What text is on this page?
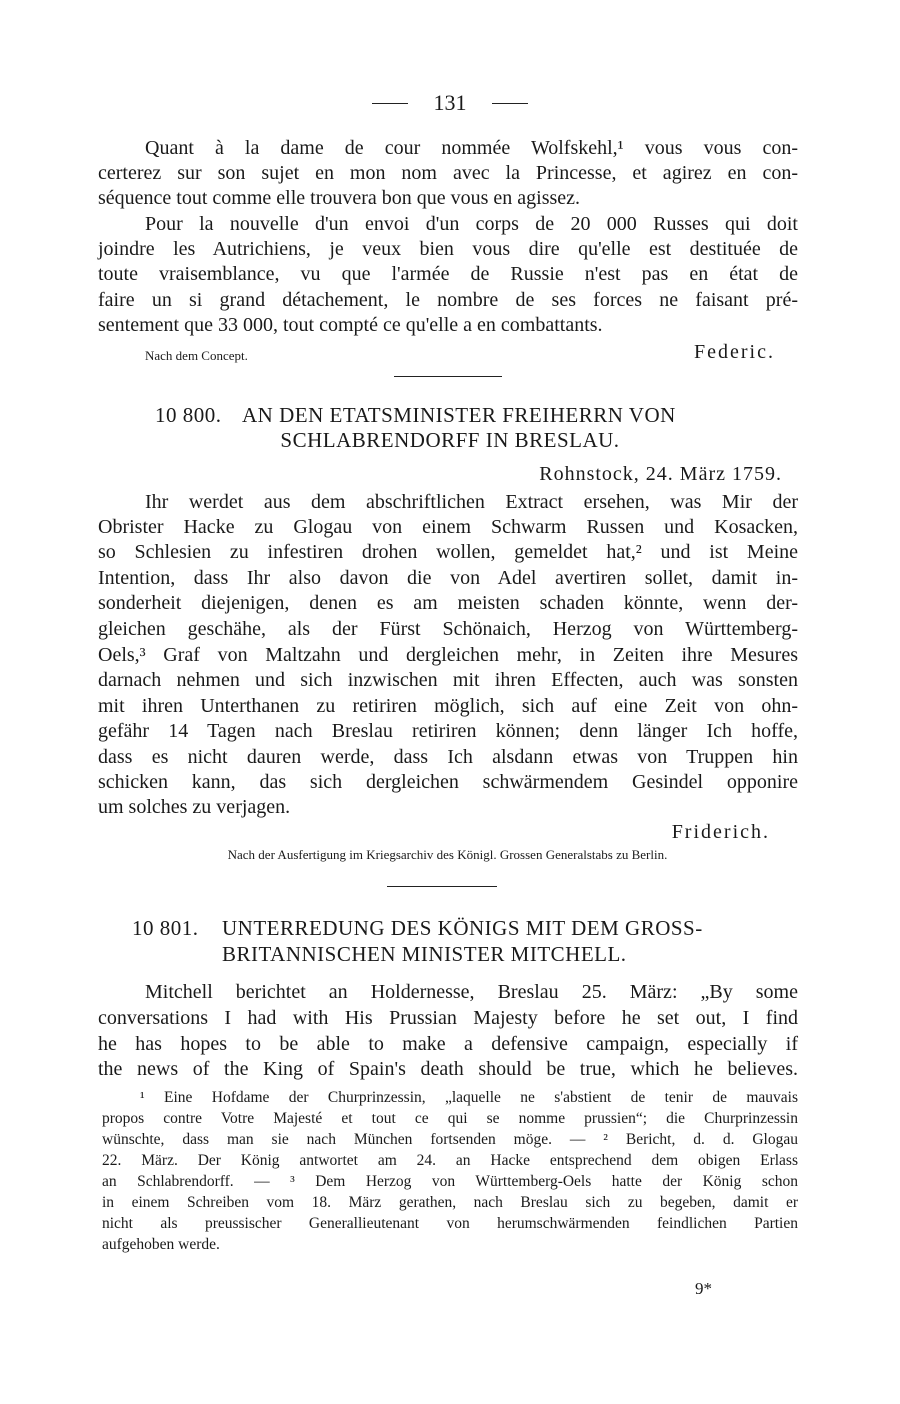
131
Quant à la dame de cour nommée Wolfskehl,¹ vous vous con-
certerez sur son sujet en mon nom avec la Princesse, et agirez en con-
séquence tout comme elle trouvera bon que vous en agissez.
Pour la nouvelle d'un envoi d'un corps de 20 000 Russes qui doit
joindre les Autrichiens, je veux bien vous dire qu'elle est destituée de
toute vraisemblance, vu que l'armée de Russie n'est pas en état de
faire un si grand détachement, le nombre de ses forces ne faisant pré-
sentement que 33 000, tout compté ce qu'elle a en combattants.
Nach dem Concept.	Federic.
10 800. AN DEN ETATSMINISTER FREIHERRN VON
SCHLABRENDORFF IN BRESLAU.
Rohnstock, 24. März 1759.
Ihr werdet aus dem abschriftlichen Extract ersehen, was Mir der
Obrister Hacke zu Glogau von einem Schwarm Russen und Kosacken,
so Schlesien zu infestiren drohen wollen, gemeldet hat,² und ist Meine
Intention, dass Ihr also davon die von Adel avertiren sollet, damit in-
sonderheit diejenigen, denen es am meisten schaden könnte, wenn der-
gleichen geschähe, als der Fürst Schönaich, Herzog von Württemberg-
Oels,³ Graf von Maltzahn und dergleichen mehr, in Zeiten ihre Mesures
darnach nehmen und sich inzwischen mit ihren Effecten, auch was sonsten
mit ihren Unterthanen zu retiriren möglich, sich auf eine Zeit von ohn-
gefähr 14 Tagen nach Breslau retiriren können; denn länger Ich hoffe,
dass es nicht dauren werde, dass Ich alsdann etwas von Truppen hin
schicken kann, das sich dergleichen schwärmendem Gesindel opponire
um solches zu verjagen.
Friderich.
Nach der Ausfertigung im Kriegsarchiv des Königl. Grossen Generalstabs zu Berlin.
10 801.	UNTERREDUNG DES KÖNIGS MIT DEM GROSS-
BRITANNISCHEN MINISTER MITCHELL.
Mitchell berichtet an Holdernesse, Breslau 25. März: „By some
conversations I had with His Prussian Majesty before he set out, I find
he has hopes to be able to make a defensive campaign, especially if
the news of the King of Spain's death should be true, which he believes.
¹ Eine Hofdame der Churprinzessin, „laquelle ne s'abstient de tenir de mauvais
propos contre Votre Majesté et tout ce qui se nomme prussien“; die Churprinzessin
wünschte, dass man sie nach München fortsenden möge. — ² Bericht, d. d. Glogau
22. März. Der König antwortet am 24. an Hacke entsprechend dem obigen Erlass
an Schlabrendorff. — ³ Dem Herzog von Württemberg-Oels hatte der König schon
in einem Schreiben vom 18. März gerathen, nach Breslau sich zu begeben, damit er
nicht als preussischer Generallieutenant von herumschwärmenden feindlichen Partien
aufgehoben werde.
9*
